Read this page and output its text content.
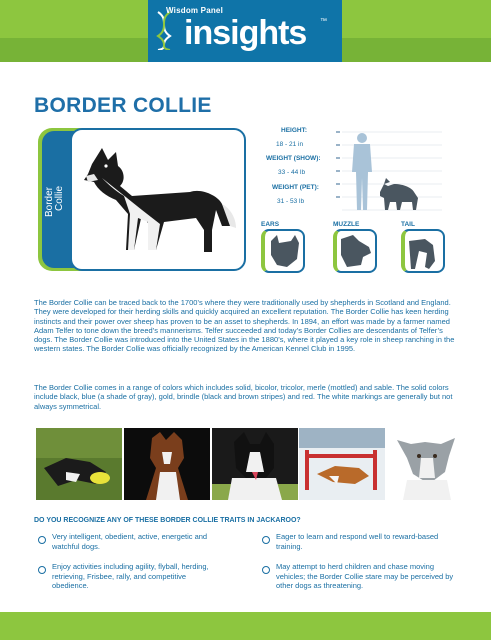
Wisdom Panel
insights ™
BORDER COLLIE
Border Collie
HEIGHT:
18 - 21 in
WEIGHT (SHOW):
33 - 44 lb
WEIGHT (PET):
31 - 53 lb
EARS	MUZZLE	TAIL
The Border Collie can be traced back to the 1700’s where they were traditionally used by shepherds in Scotland and England. They were developed for their herding skills and quickly acquired an excellent reputation. The Border Collie has keen herding instincts and their power over sheep has proven to be an asset to shepherds. In 1894, an effort was made by a farmer named Adam Telfer to tone down the breed’s mannerisms. Telfer succeeded and today’s Border Collies are descendants of Telfer’s dogs. The Border Collie was introduced into the United States in the 1880’s, where it played a key role in sheep ranching in the western states. The Border Collie was officially recognized by the American Kennel Club in 1995.
The Border Collie comes in a range of colors which includes solid, bicolor, tricolor, merle (mottled) and sable. The solid colors include black, blue (a shade of gray), gold, brindle (black and brown stripes) and red. The white markings are generally but not always symmetrical.
DO YOU RECOGNIZE ANY OF THESE BORDER COLLIE TRAITS IN JACKAROO?
Very intelligent, obedient, active, energetic and watchful dogs.
Eager to learn and respond well to reward-based training.
Enjoy activities including agility, flyball, herding, retrieving, Frisbee, rally, and competitive obedience.
May attempt to herd children and chase moving vehicles; the Border Collie stare may be perceived by other dogs as threatening.
